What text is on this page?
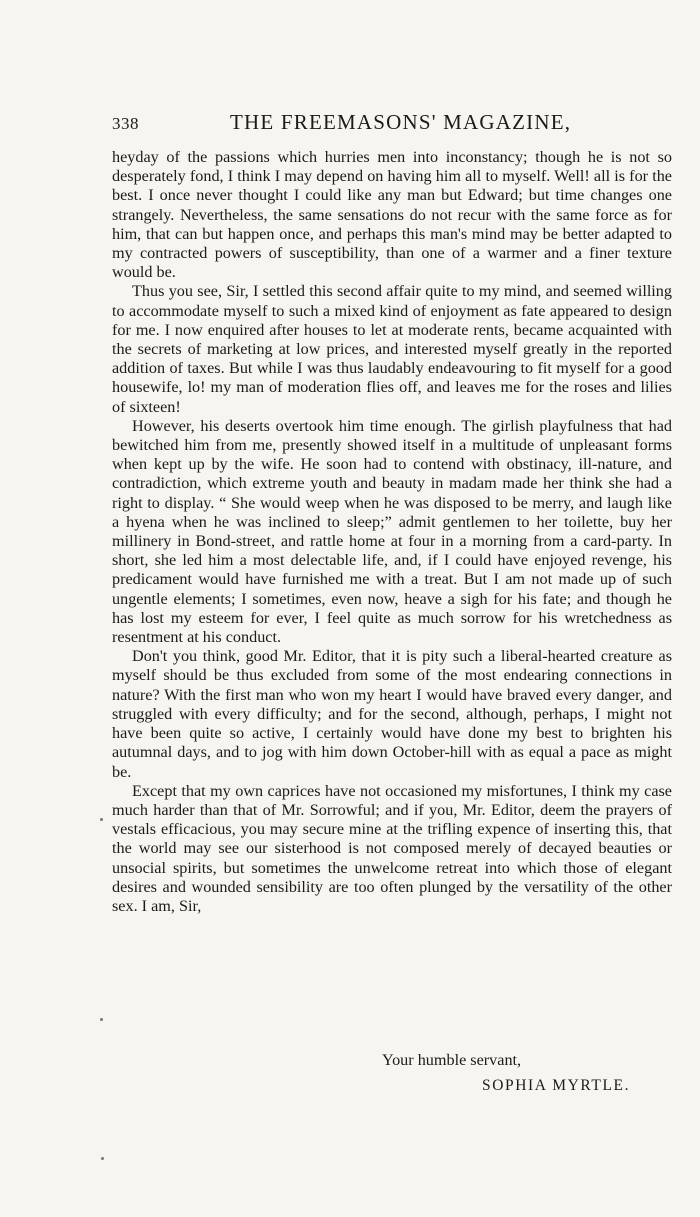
338	THE FREEMASONS' MAGAZINE,

heyday of the passions which hurries men into inconstancy; though he is not so desperately fond, I think I may depend on having him all to myself. Well! all is for the best. I once never thought I could like any man but Edward; but time changes one strangely. Nevertheless, the same sensations do not recur with the same force as for him, that can but happen once, and perhaps this man's mind may be better adapted to my contracted powers of susceptibility, than one of a warmer and a finer texture would be.

Thus you see, Sir, I settled this second affair quite to my mind, and seemed willing to accommodate myself to such a mixed kind of enjoyment as fate appeared to design for me. I now enquired after houses to let at moderate rents, became acquainted with the secrets of marketing at low prices, and interested myself greatly in the reported addition of taxes. But while I was thus laudably endeavouring to fit myself for a good housewife, lo! my man of moderation flies off, and leaves me for the roses and lilies of sixteen!

However, his deserts overtook him time enough. The girlish playfulness that had bewitched him from me, presently showed itself in a multitude of unpleasant forms when kept up by the wife. He soon had to contend with obstinacy, ill-nature, and contradiction, which extreme youth and beauty in madam made her think she had a right to display. “ She would weep when he was disposed to be merry, and laugh like a hyena when he was inclined to sleep;” admit gentlemen to her toilette, buy her millinery in Bond-street, and rattle home at four in a morning from a card-party. In short, she led him a most delectable life, and, if I could have enjoyed revenge, his predicament would have furnished me with a treat. But I am not made up of such ungentle elements; I sometimes, even now, heave a sigh for his fate; and though he has lost my esteem for ever, I feel quite as much sorrow for his wretchedness as resentment at his conduct.

Don't you think, good Mr. Editor, that it is pity such a liberal-hearted creature as myself should be thus excluded from some of the most endearing connections in nature? With the first man who won my heart I would have braved every danger, and struggled with every difficulty; and for the second, although, perhaps, I might not have been quite so active, I certainly would have done my best to brighten his autumnal days, and to jog with him down October-hill with as equal a pace as might be.

Except that my own caprices have not occasioned my misfortunes, I think my case much harder than that of Mr. Sorrowful; and if you, Mr. Editor, deem the prayers of vestals efficacious, you may secure mine at the trifling expence of inserting this, that the world may see our sisterhood is not composed merely of decayed beauties or unsocial spirits, but sometimes the unwelcome retreat into which those of elegant desires and wounded sensibility are too often plunged by the versatility of the other sex. I am, Sir,

Your humble servant,
SOPHIA MYRTLE.
